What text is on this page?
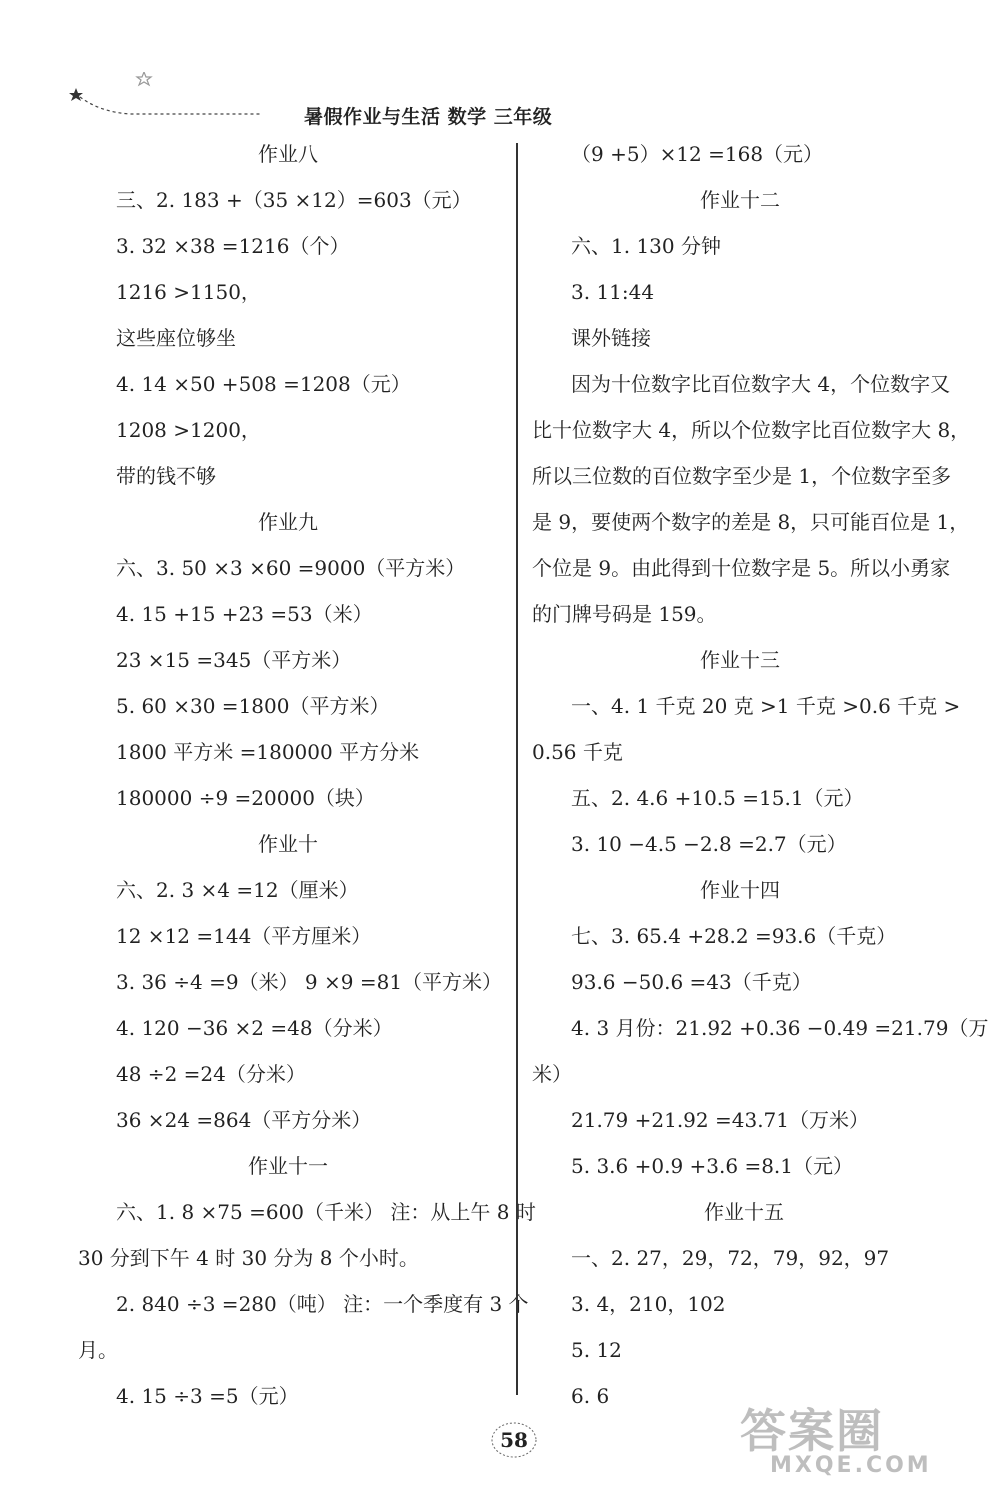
暑假作业与生活 数学 三年级
作业八
三、2. 183 +（35 ×12）=603（元）
3. 32 ×38 =1216（个）
1216 >1150，
这些座位够坐
4. 14 ×50 +508 =1208（元）
1208 >1200，
带的钱不够
作业九
六、3. 50 ×3 ×60 =9000（平方米）
4. 15 +15 +23 =53（米）
23 ×15 =345（平方米）
5. 60 ×30 =1800（平方米）
1800 平方米 =180000 平方分米
180000 ÷9 =20000（块）
作业十
六、2. 3 ×4 =12（厘米）
12 ×12 =144（平方厘米）
3. 36 ÷4 =9（米） 9 ×9 =81（平方米）
4. 120 −36 ×2 =48（分米）
48 ÷2 =24（分米）
36 ×24 =864（平方分米）
作业十一
六、1. 8 ×75 =600（千米） 注：从上午 8 时
30 分到下午 4 时 30 分为 8 个小时。
2. 840 ÷3 =280（吨） 注：一个季度有 3 个
月。
4. 15 ÷3 =5（元）
（9 +5）×12 =168（元）
作业十二
六、1. 130 分钟
3. 11:44
课外链接
因为十位数字比百位数字大 4，个位数字又
比十位数字大 4，所以个位数字比百位数字大 8，
所以三位数的百位数字至少是 1，个位数字至多
是 9，要使两个数字的差是 8，只可能百位是 1，
个位是 9。由此得到十位数字是 5。所以小勇家
的门牌号码是 159。
作业十三
一、4. 1 千克 20 克 >1 千克 >0.6 千克 >
0.56 千克
五、2. 4.6 +10.5 =15.1（元）
3. 10 −4.5 −2.8 =2.7（元）
作业十四
七、3. 65.4 +28.2 =93.6（千克）
93.6 −50.6 =43（千克）
4. 3 月份：21.92 +0.36 −0.49 =21.79（万
米）
21.79 +21.92 =43.71（万米）
5. 3.6 +0.9 +3.6 =8.1（元）
作业十五
一、2. 27，29，72，79，92，97
3. 4，210，102
5. 12
6. 6
58	答案圈
MXQE.COM
